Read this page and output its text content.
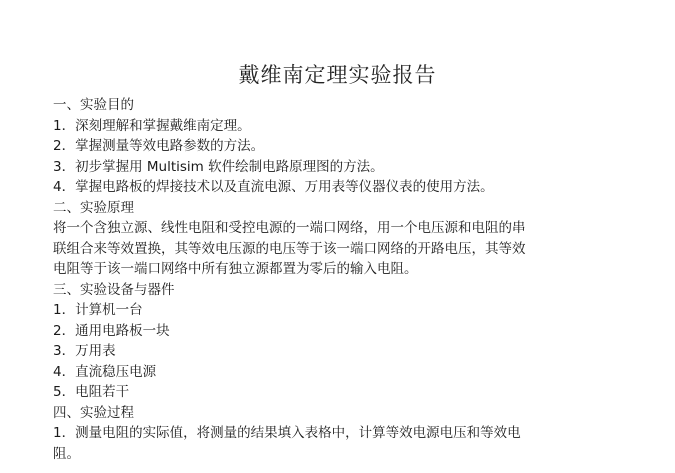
戴维南定理实验报告
一、实验目的
1．深刻理解和掌握戴维南定理。
2．掌握测量等效电路参数的方法。
3．初步掌握用 Multisim 软件绘制电路原理图的方法。
4．掌握电路板的焊接技术以及直流电源、万用表等仪器仪表的使用方法。
二、实验原理
将一个含独立源、线性电阻和受控电源的一端口网络，用一个电压源和电阻的串
联组合来等效置换，其等效电压源的电压等于该一端口网络的开路电压，其等效
电阻等于该一端口网络中所有独立源都置为零后的输入电阻。
三、实验设备与器件
1．计算机一台
2．通用电路板一块
3．万用表
4．直流稳压电源
5．电阻若干
四、实验过程
1．测量电阻的实际值，将测量的结果填入表格中，计算等效电源电压和等效电
阻。
